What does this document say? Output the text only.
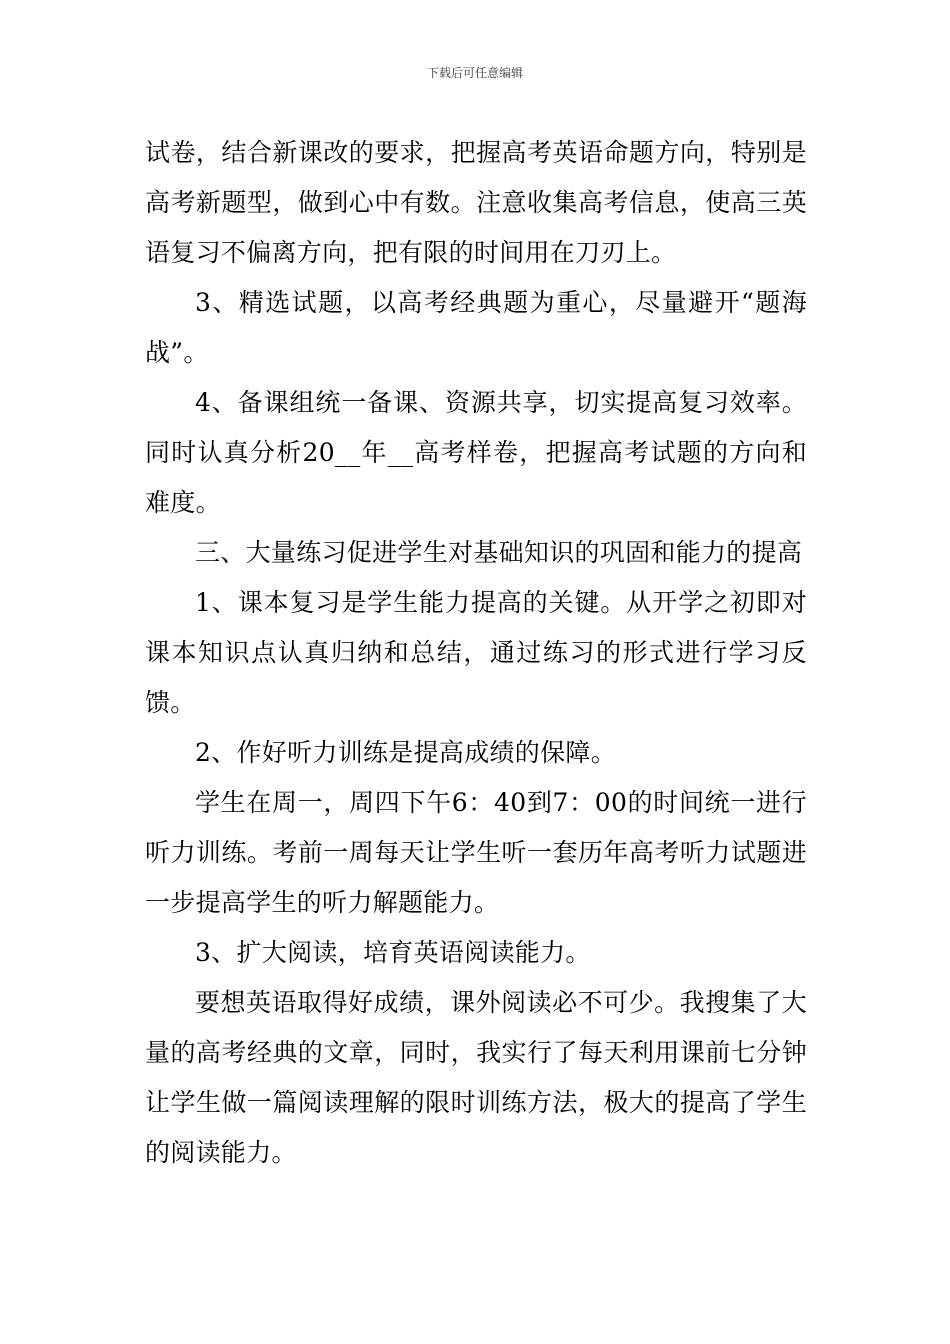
下载后可任意编辑

试卷，结合新课改的要求，把握高考英语命题方向，特别是高考新题型，做到心中有数。注意收集高考信息，使高三英语复习不偏离方向，把有限的时间用在刀刃上。

3、精选试题，以高考经典题为重心，尽量避开“题海战”。

4、备课组统一备课、资源共享，切实提高复习效率。同时认真分析20__年__高考样卷，把握高考试题的方向和难度。

三、大量练习促进学生对基础知识的巩固和能力的提高

1、课本复习是学生能力提高的关键。从开学之初即对课本知识点认真归纳和总结，通过练习的形式进行学习反馈。

2、作好听力训练是提高成绩的保障。

学生在周一，周四下午6：40到7：00的时间统一进行听力训练。考前一周每天让学生听一套历年高考听力试题进一步提高学生的听力解题能力。

3、扩大阅读，培育英语阅读能力。

要想英语取得好成绩，课外阅读必不可少。我搜集了大量的高考经典的文章，同时，我实行了每天利用课前七分钟让学生做一篇阅读理解的限时训练方法，极大的提高了学生的阅读能力。
